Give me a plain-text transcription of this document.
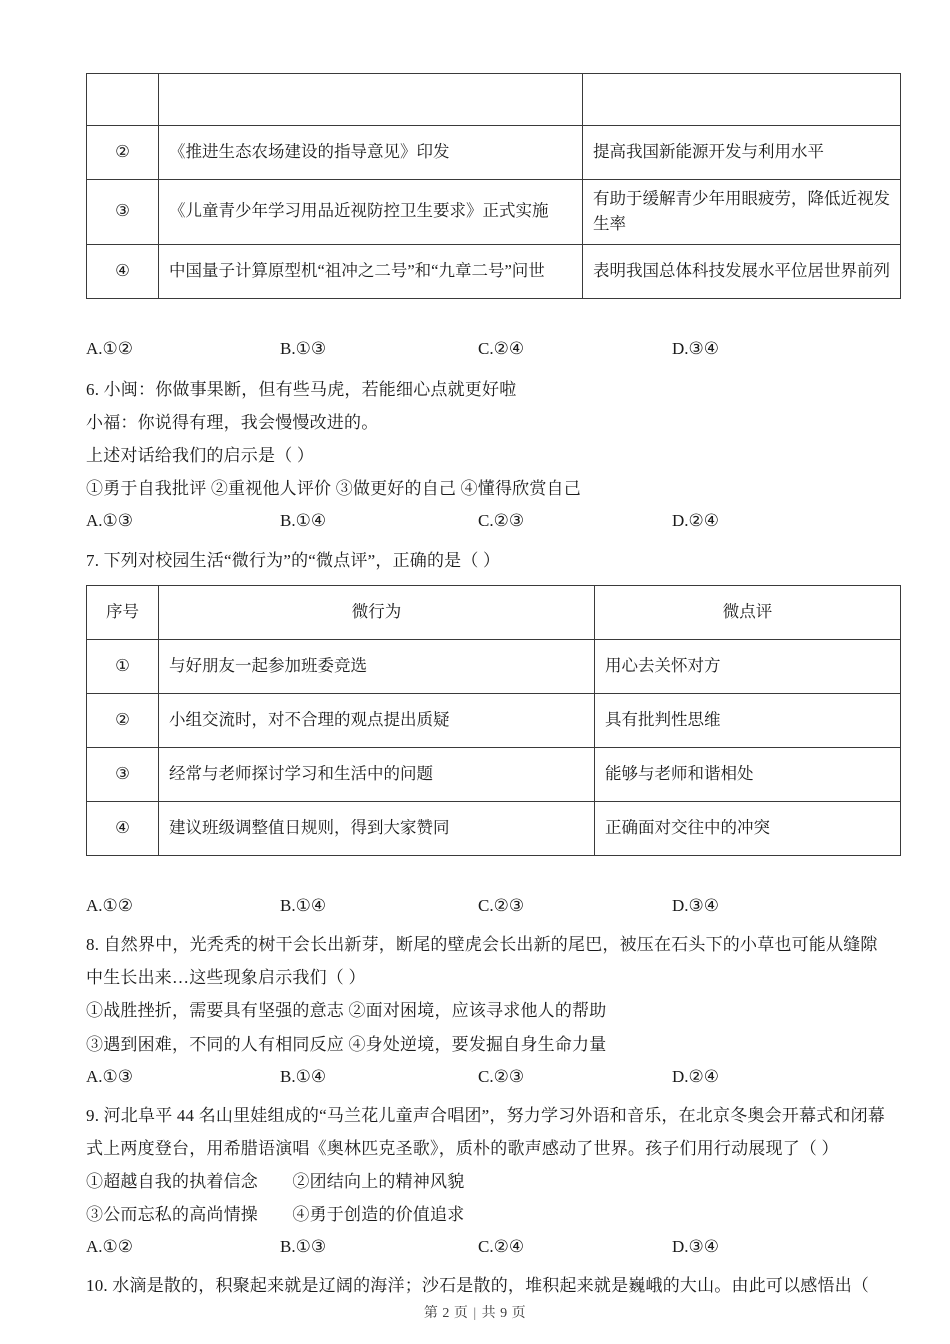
②	《推进生态农场建设的指导意见》印发	提高我国新能源开发与利用水平
③	《儿童青少年学习用品近视防控卫生要求》正式实施	有助于缓解青少年用眼疲劳，降低近视发生率
④	中国量子计算原型机“祖冲之二号”和“九章二号”问世	表明我国总体科技发展水平位居世界前列
A.①②	B.①③	C.②④	D.③④

6. 小闽：你做事果断，但有些马虎，若能细心点就更好啦

小福：你说得有理，我会慢慢改进的。

上述对话给我们的启示是（ ）

①勇于自我批评 ②重视他人评价 ③做更好的自己 ④懂得欣赏自己

A.①③	B.①④	C.②③	D.②④

7. 下列对校园生活“微行为”的“微点评”，正确的是（ ）

序号	微行为	微点评
①	与好朋友一起参加班委竞选	用心去关怀对方
②	小组交流时，对不合理的观点提出质疑	具有批判性思维
③	经常与老师探讨学习和生活中的问题	能够与老师和谐相处
④	建议班级调整值日规则，得到大家赞同	正确面对交往中的冲突
A.①②	B.①④	C.②③	D.③④

8. 自然界中，光秃秃的树干会长出新芽，断尾的壁虎会长出新的尾巴，被压在石头下的小草也可能从缝隙

中生长出来…这些现象启示我们（ ）

①战胜挫折，需要具有坚强的意志 ②面对困境，应该寻求他人的帮助

③遇到困难，不同的人有相同反应 ④身处逆境，要发掘自身生命力量

A.①③	B.①④	C.②③	D.②④

9. 河北阜平 44 名山里娃组成的“马兰花儿童声合唱团”，努力学习外语和音乐，在北京冬奥会开幕式和闭幕

式上两度登台，用希腊语演唱《奥林匹克圣歌》，质朴的歌声感动了世界。孩子们用行动展现了（ ）

①超越自我的执着信念　　②团结向上的精神风貌

③公而忘私的高尚情操　　④勇于创造的价值追求

A.①②	B.①③	C.②④	D.③④

10. 水滴是散的，积聚起来就是辽阔的海洋；沙石是散的，堆积起来就是巍峨的大山。由此可以感悟出（

第 2 页 | 共 9 页
